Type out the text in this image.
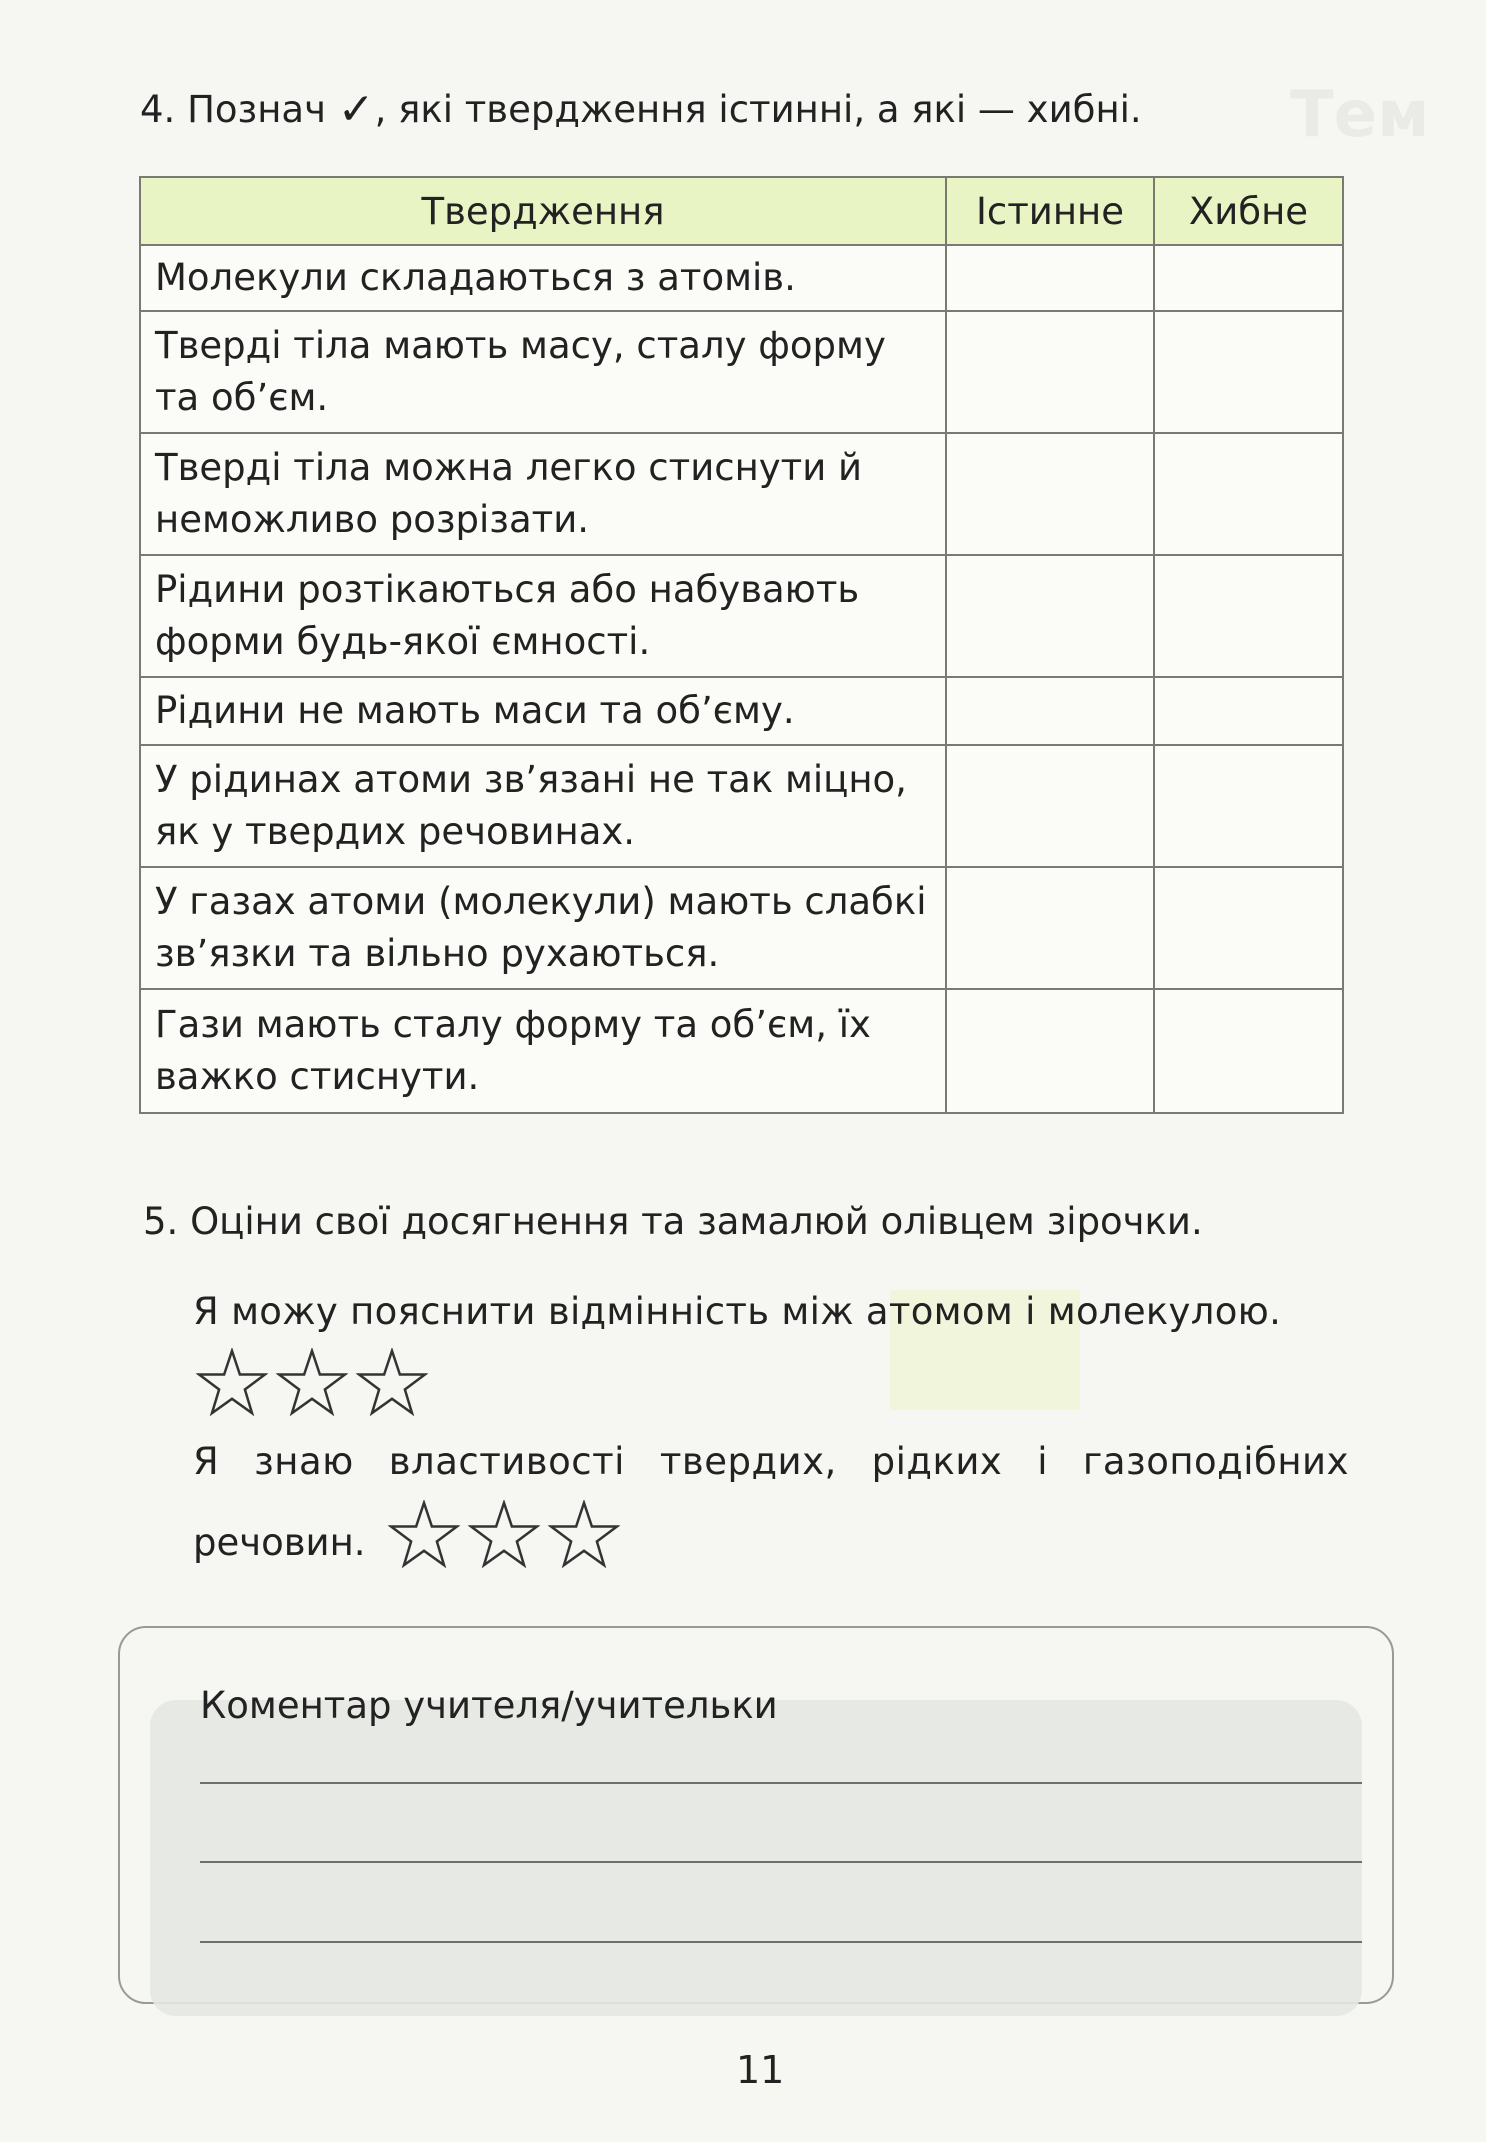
Тем
4. Познач ✓, які твердження істинні, а які — хибні.
Твердження	Істинне	Хибне
Молекули складаються з атомів.		
Тверді тіла мають масу, сталу форму та об’єм.		
Тверді тіла можна легко стиснути й неможливо розрізати.		
Рідини розтікаються або набувають форми будь-якої ємності.		
Рідини не мають маси та об’єму.		
У рідинах атоми зв’язані не так міцно, як у твердих речовинах.		
У газах атоми (молекули) мають слабкі зв’язки та вільно рухаються.		
Гази мають сталу форму та об’єм, їх важко стиснути.		
5. Оціни свої досягнення та замалюй олівцем зірочки.
Я можу пояснити відмінність між атомом і молекулою.
Я знаю властивості твердих, рідких і газоподібних
речовин.
Коментар учителя/учительки
11
